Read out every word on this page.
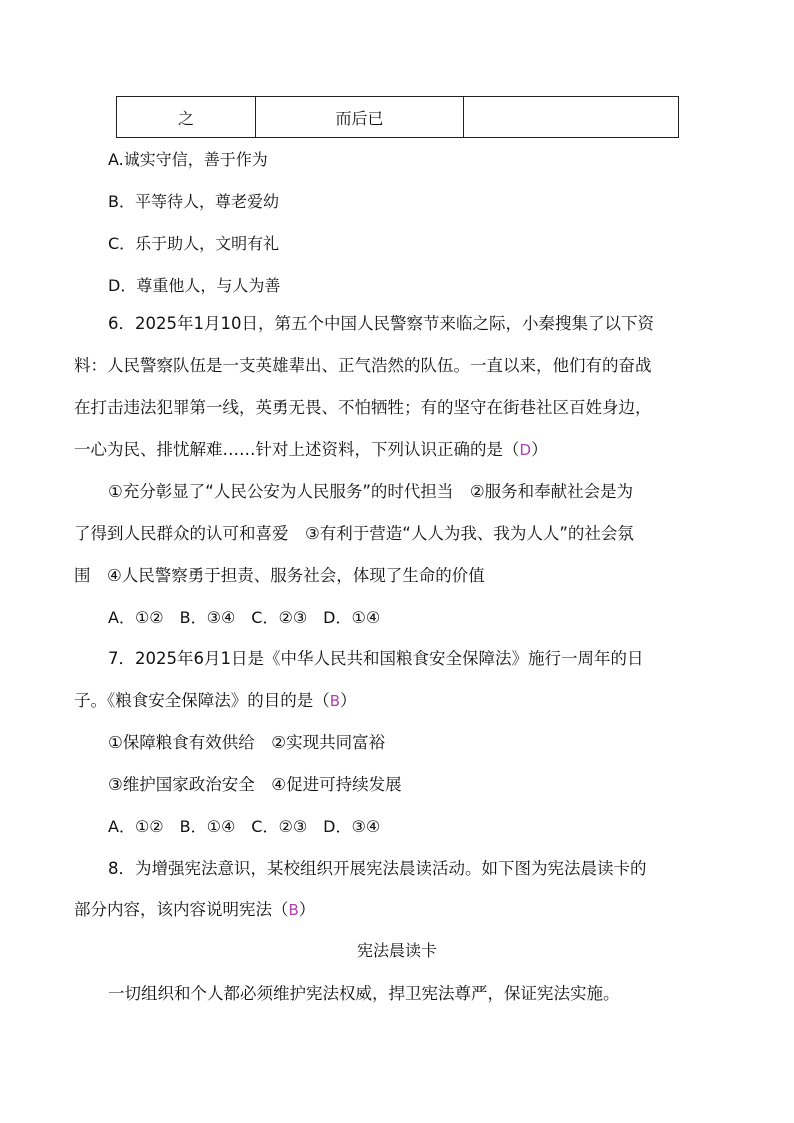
之	而后已	
A.诚实守信，善于作为
B．平等待人，尊老爱幼
C．乐于助人，文明有礼
D．尊重他人，与人为善
6．2025年1月10日，第五个中国人民警察节来临之际，小秦搜集了以下资
料：人民警察队伍是一支英雄辈出、正气浩然的队伍。一直以来，他们有的奋战
在打击违法犯罪第一线，英勇无畏、不怕牺牲；有的坚守在街巷社区百姓身边，
一心为民、排忧解难……针对上述资料，下列认识正确的是（D）
①充分彰显了“人民公安为人民服务”的时代担当　②服务和奉献社会是为
了得到人民群众的认可和喜爱　③有利于营造“人人为我、我为人人”的社会氛
围　④人民警察勇于担责、服务社会，体现了生命的价值
A．①②　B．③④　C．②③　D．①④
7．2025年6月1日是《中华人民共和国粮食安全保障法》施行一周年的日
子。《粮食安全保障法》的目的是（B）
①保障粮食有效供给　②实现共同富裕
③维护国家政治安全　④促进可持续发展
A．①②　B．①④　C．②③　D．③④
8．为增强宪法意识，某校组织开展宪法晨读活动。如下图为宪法晨读卡的
部分内容，该内容说明宪法（B）
宪法晨读卡
一切组织和个人都必须维护宪法权威，捍卫宪法尊严，保证宪法实施。
